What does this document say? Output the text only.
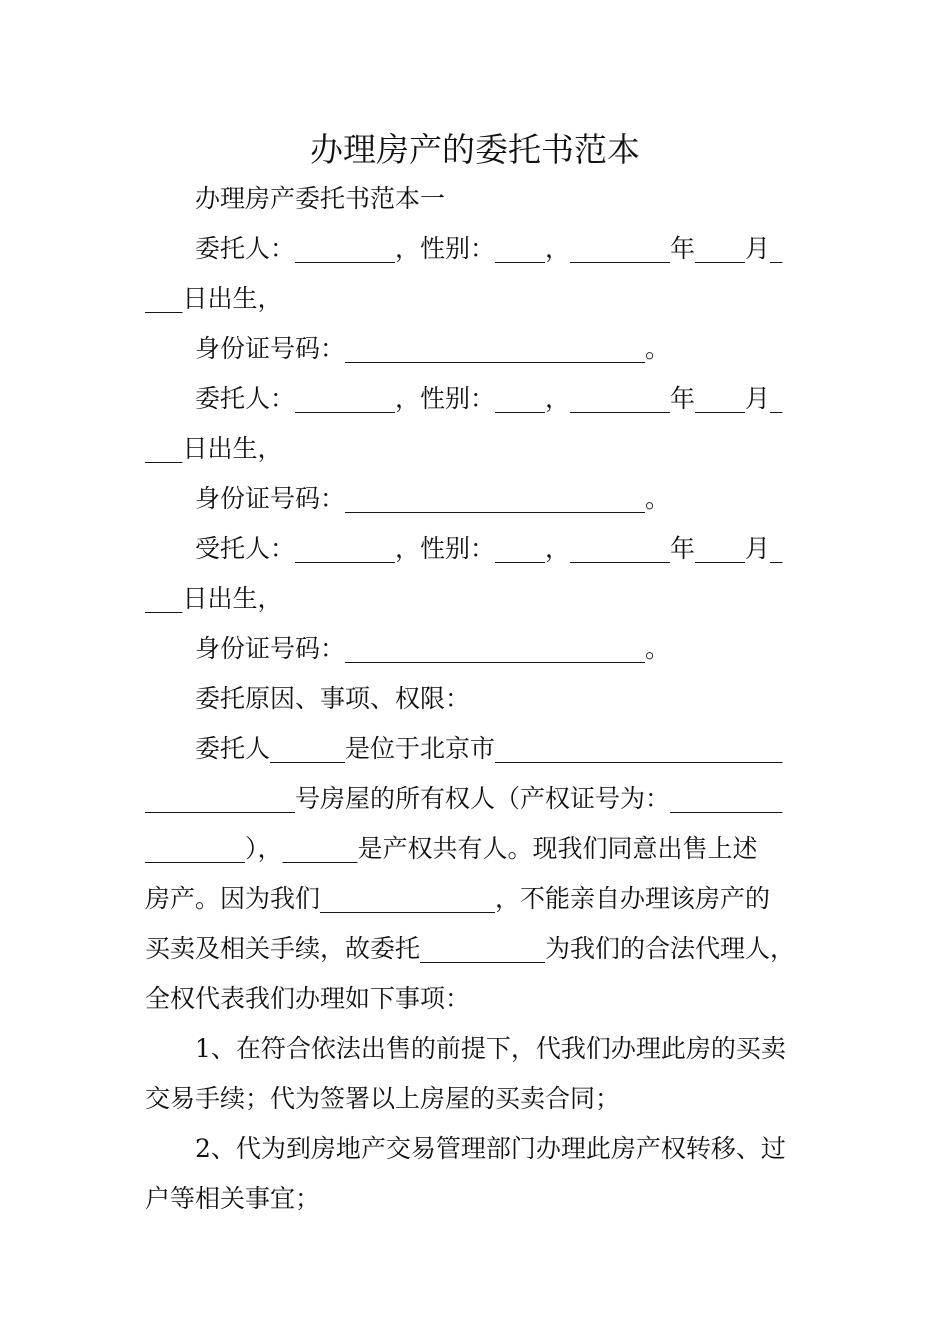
办理房产的委托书范本

办理房产委托书范本一

委托人：________，性别：____，________年____月_

___日出生，

身份证号码：________________________。

委托人：________，性别：____，________年____月_

___日出生，

身份证号码：________________________。

受托人：________，性别：____，________年____月_

___日出生，

身份证号码：________________________。

委托原因、事项、权限：

委托人______是位于北京市_______________________

____________号房屋的所有权人（产权证号为：_________

________），______是产权共有人。现我们同意出售上述

房产。因为我们______________，不能亲自办理该房产的

买卖及相关手续，故委托__________为我们的合法代理人，

全权代表我们办理如下事项：

1、在符合依法出售的前提下，代我们办理此房的买卖

交易手续；代为签署以上房屋的买卖合同；

2、代为到房地产交易管理部门办理此房产权转移、过

户等相关事宜；
